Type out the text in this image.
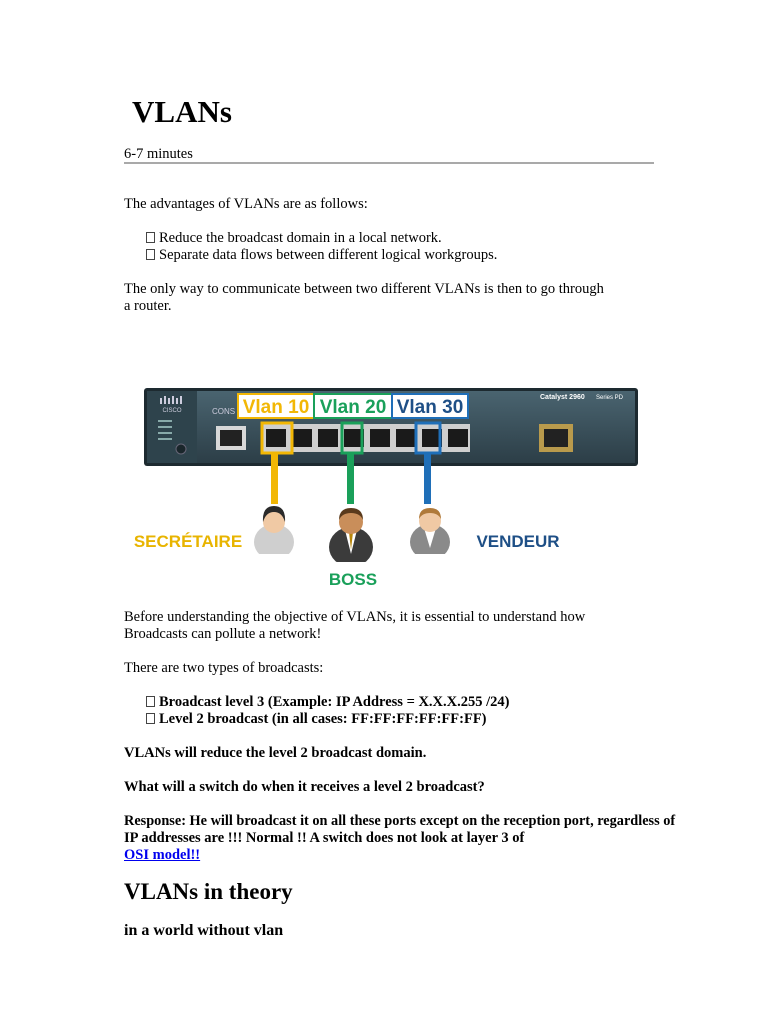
VLANs
6-7 minutes

The advantages of VLANs are as follows:

Reduce the broadcast domain in a local network.
Separate data flows between different logical workgroups.

The only way to communicate between two different VLANs is then to go through

a router.

CISCO	CONS
Catalyst 2960 Series PD
Vlan 10 Vlan 20 Vlan 30
SECRÉTAIRE
BOSS
VENDEUR

Before understanding the objective of VLANs, it is essential to understand how

Broadcasts can pollute a network!

There are two types of broadcasts:

Broadcast level 3 (Example: IP Address = X.X.X.255 /24)
Level 2 broadcast (in all cases: FF:FF:FF:FF:FF:FF)

VLANs will reduce the level 2 broadcast domain.

What will a switch do when it receives a level 2 broadcast?

Response: He will broadcast it on all these ports except on the reception port, regardless of

IP addresses are !!! Normal !! A switch does not look at layer 3 of

OSI model!!
VLANs in theory
in a world without vlan
